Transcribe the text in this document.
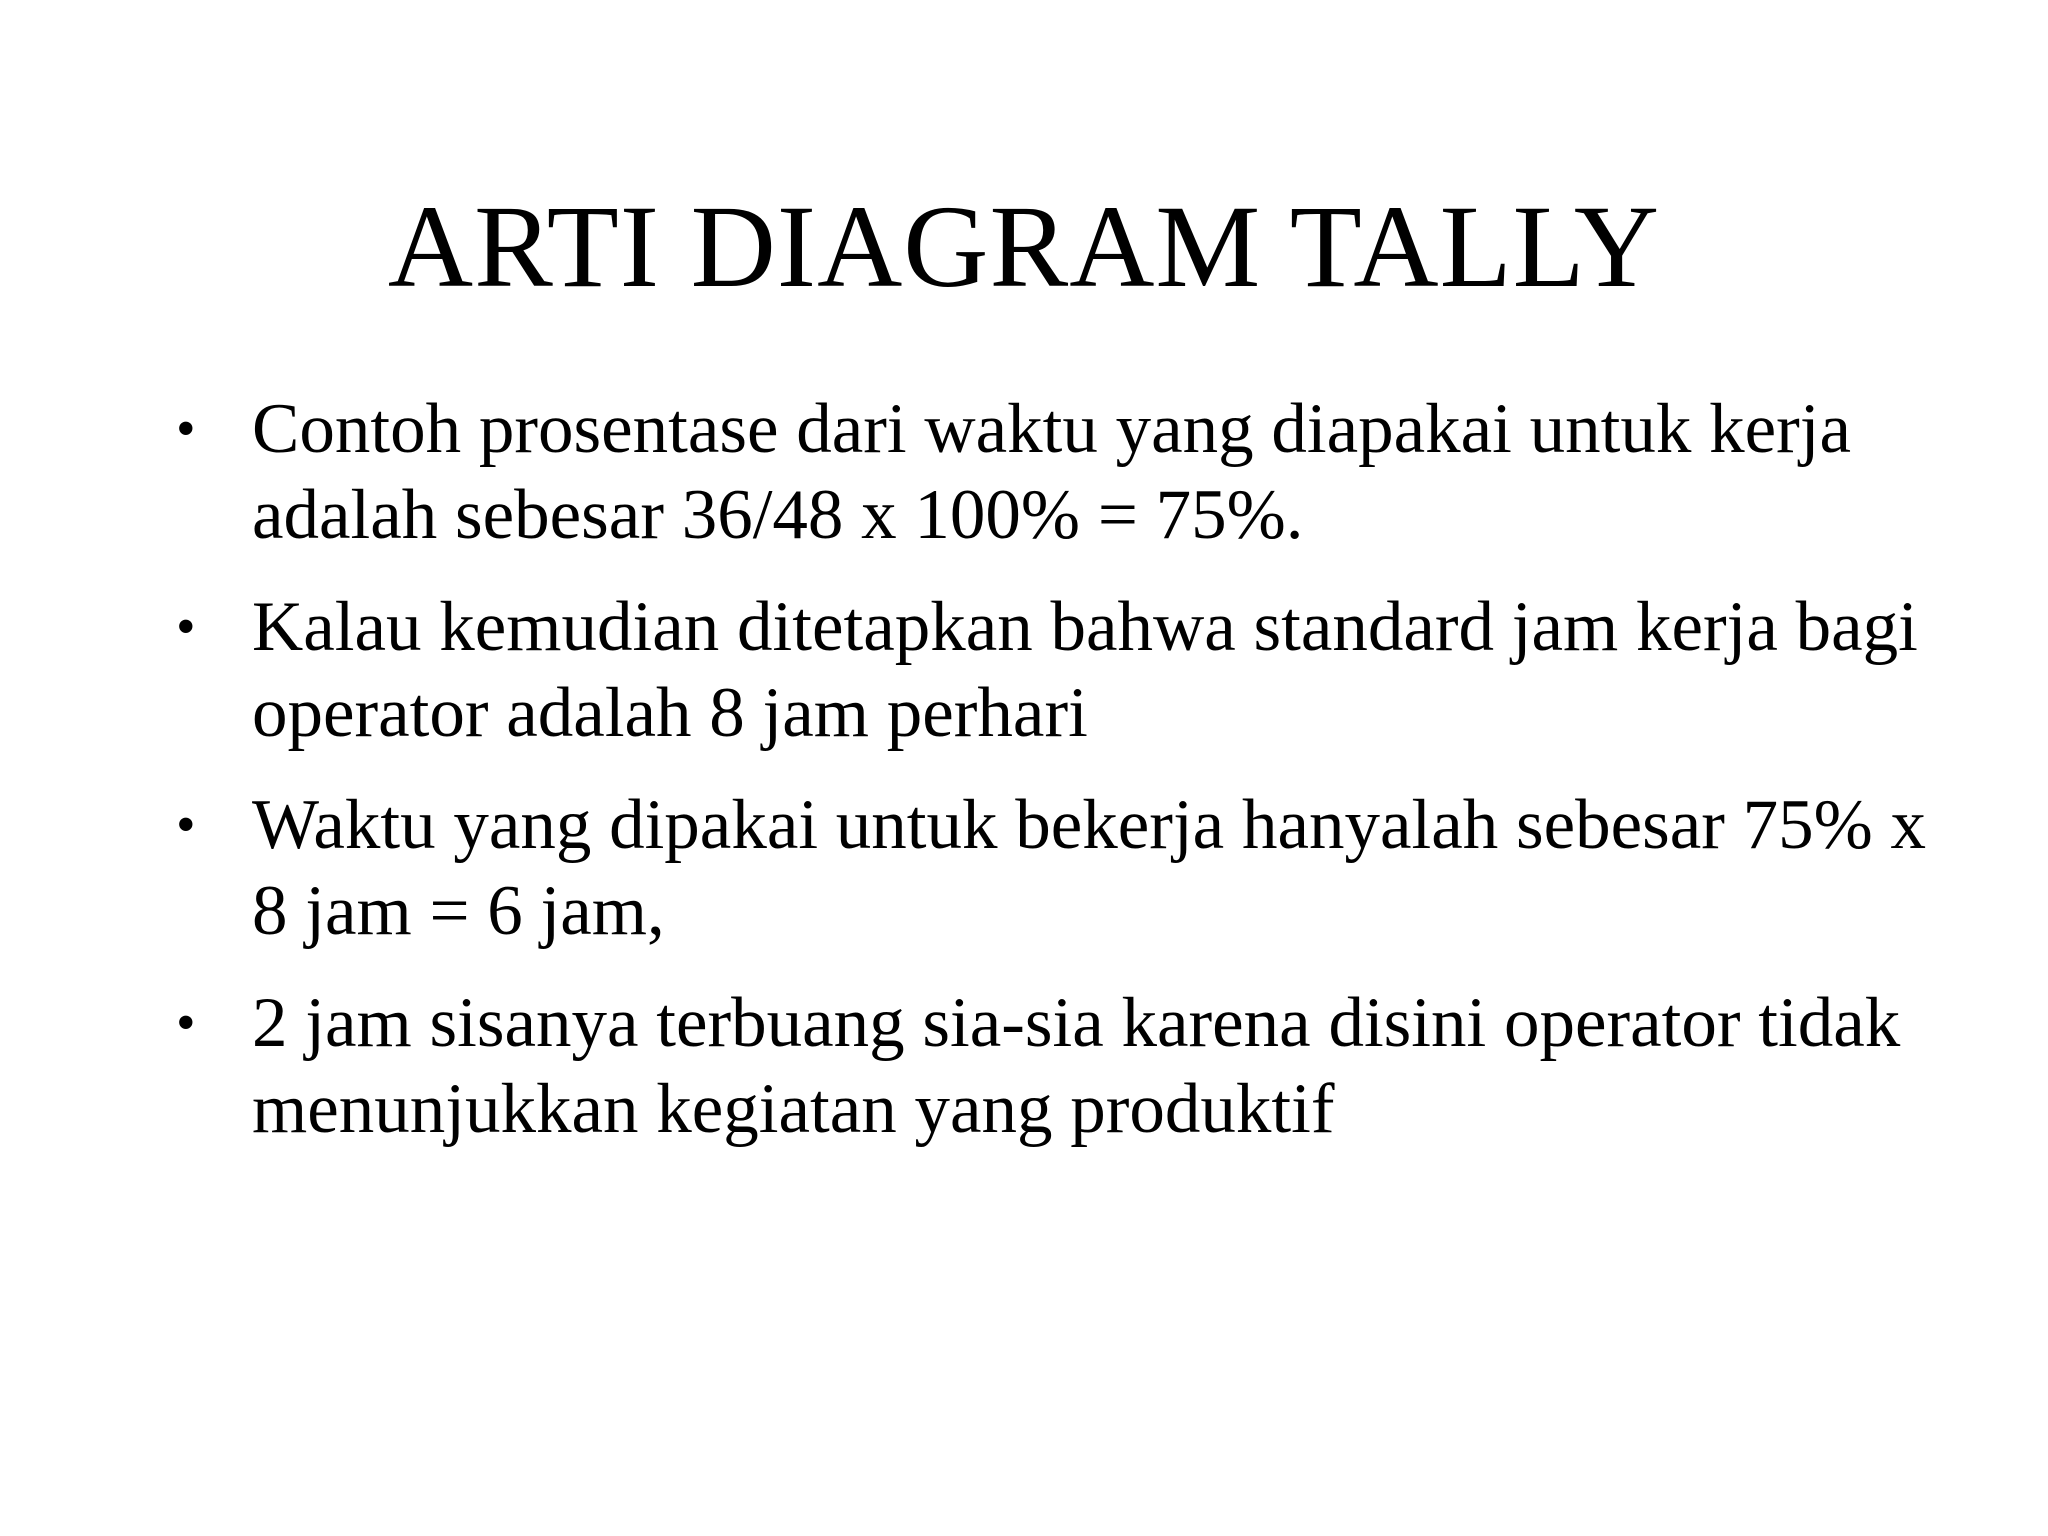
ARTI DIAGRAM TALLY
• Contoh prosentase dari waktu yang diapakai untuk kerja adalah sebesar 36/48 x 100% = 75%.
• Kalau kemudian ditetapkan bahwa standard jam kerja bagi operator adalah 8 jam perhari
• Waktu yang dipakai untuk bekerja hanyalah sebesar 75% x 8 jam = 6 jam,
• 2 jam sisanya terbuang sia-sia karena disini operator tidak menunjukkan kegiatan yang produktif
